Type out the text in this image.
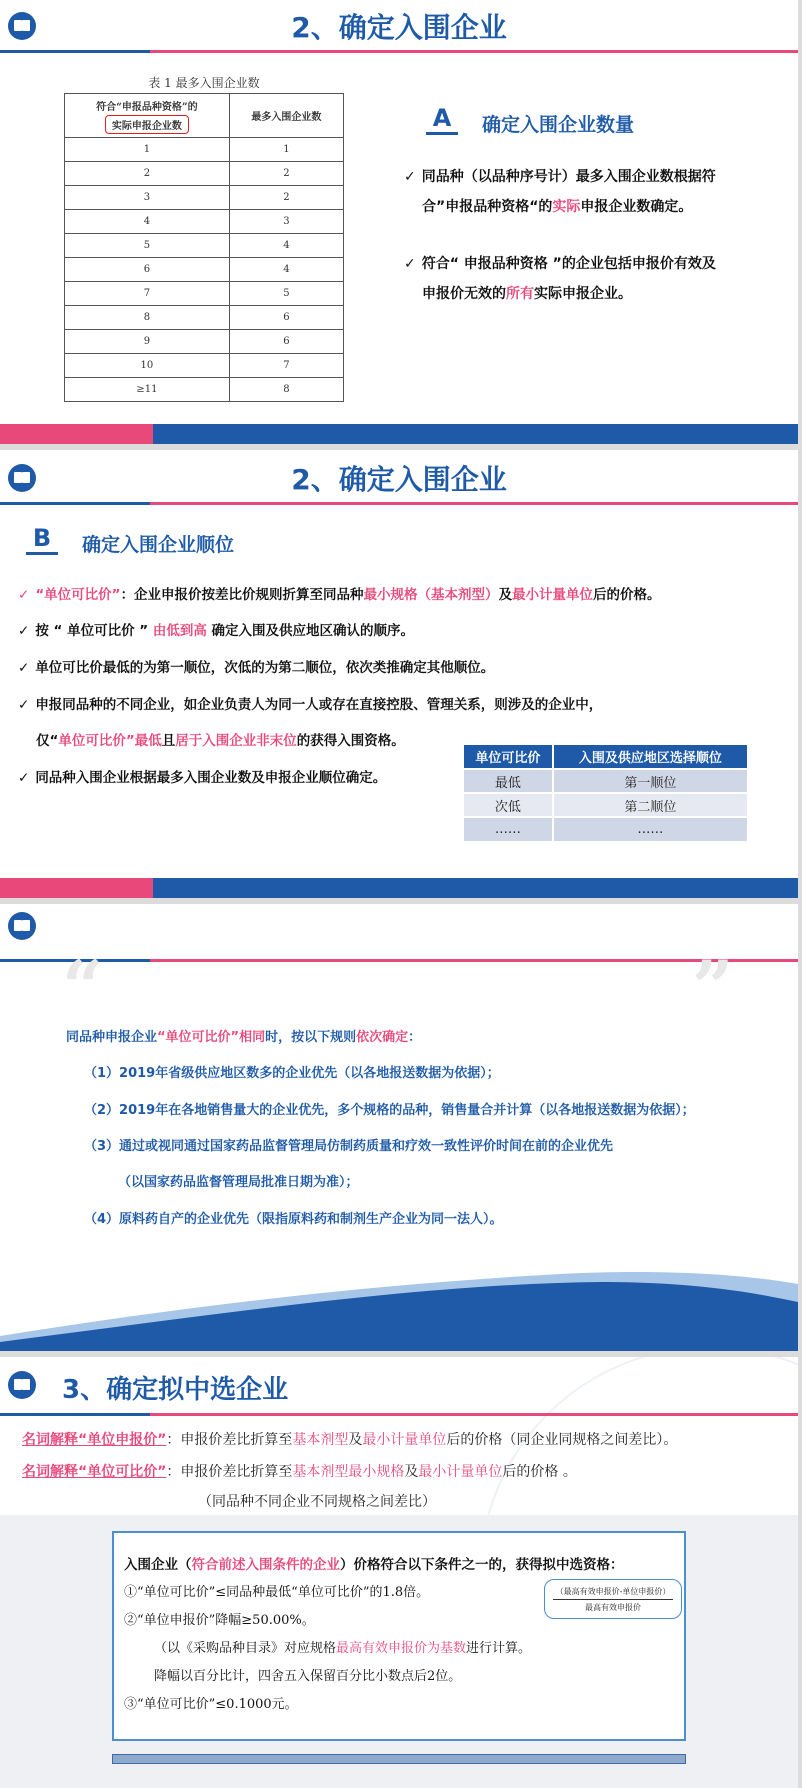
2、确定入围企业
表 1 最多入围企业数
符合“申报品种资格”的
实际申报企业数	最多入围企业数
1	1
2	2
3	2
4	3
5	4
6	4
7	5
8	6
9	6
10	7
≥11	8
A	确定入围企业数量
✓ 同品种（以品种序号计）最多入围企业数根据符
合”申报品种资格“的实际申报企业数确定。
✓ 符合“ 申报品种资格 ”的企业包括申报价有效及
申报价无效的所有实际申报企业。
2、确定入围企业
B	确定入围企业顺位
✓ “单位可比价”：企业申报价按差比价规则折算至同品种最小规格（基本剂型）及最小计量单位后的价格。
✓ 按 “ 单位可比价 ” 由低到高 确定入围及供应地区确认的顺序。
✓ 单位可比价最低的为第一顺位，次低的为第二顺位，依次类推确定其他顺位。
✓ 申报同品种的不同企业，如企业负责人为同一人或存在直接控股、管理关系，则涉及的企业中，
仅“单位可比价”最低且居于入围企业非末位的获得入围资格。
✓ 同品种入围企业根据最多入围企业数及申报企业顺位确定。
单位可比价	入围及供应地区选择顺位
最低	第一顺位
次低	第二顺位
……	……
“	”
同品种申报企业“单位可比价”相同时，按以下规则依次确定：
（1）2019年省级供应地区数多的企业优先（以各地报送数据为依据）；
（2）2019年在各地销售量大的企业优先，多个规格的品种，销售量合并计算（以各地报送数据为依据）；
（3）通过或视同通过国家药品监督管理局仿制药质量和疗效一致性评价时间在前的企业优先
（以国家药品监督管理局批准日期为准）；
（4）原料药自产的企业优先（限指原料药和制剂生产企业为同一法人）。
3、确定拟中选企业
名词解释“单位申报价”：申报价差比折算至基本剂型及最小计量单位后的价格（同企业同规格之间差比）。
名词解释“单位可比价”：申报价差比折算至基本剂型最小规格及最小计量单位后的价格 。
（同品种不同企业不同规格之间差比）
入围企业（符合前述入围条件的企业）价格符合以下条件之一的，获得拟中选资格：
①“单位可比价”≤同品种最低“单位可比价”的1.8倍。
②“单位申报价”降幅≥50.00%。
（以《采购品种目录》对应规格最高有效申报价为基数进行计算。
降幅以百分比计，四舍五入保留百分比小数点后2位。
③“单位可比价”≤0.1000元。
（最高有效申报价-单位申报价）
最高有效申报价
